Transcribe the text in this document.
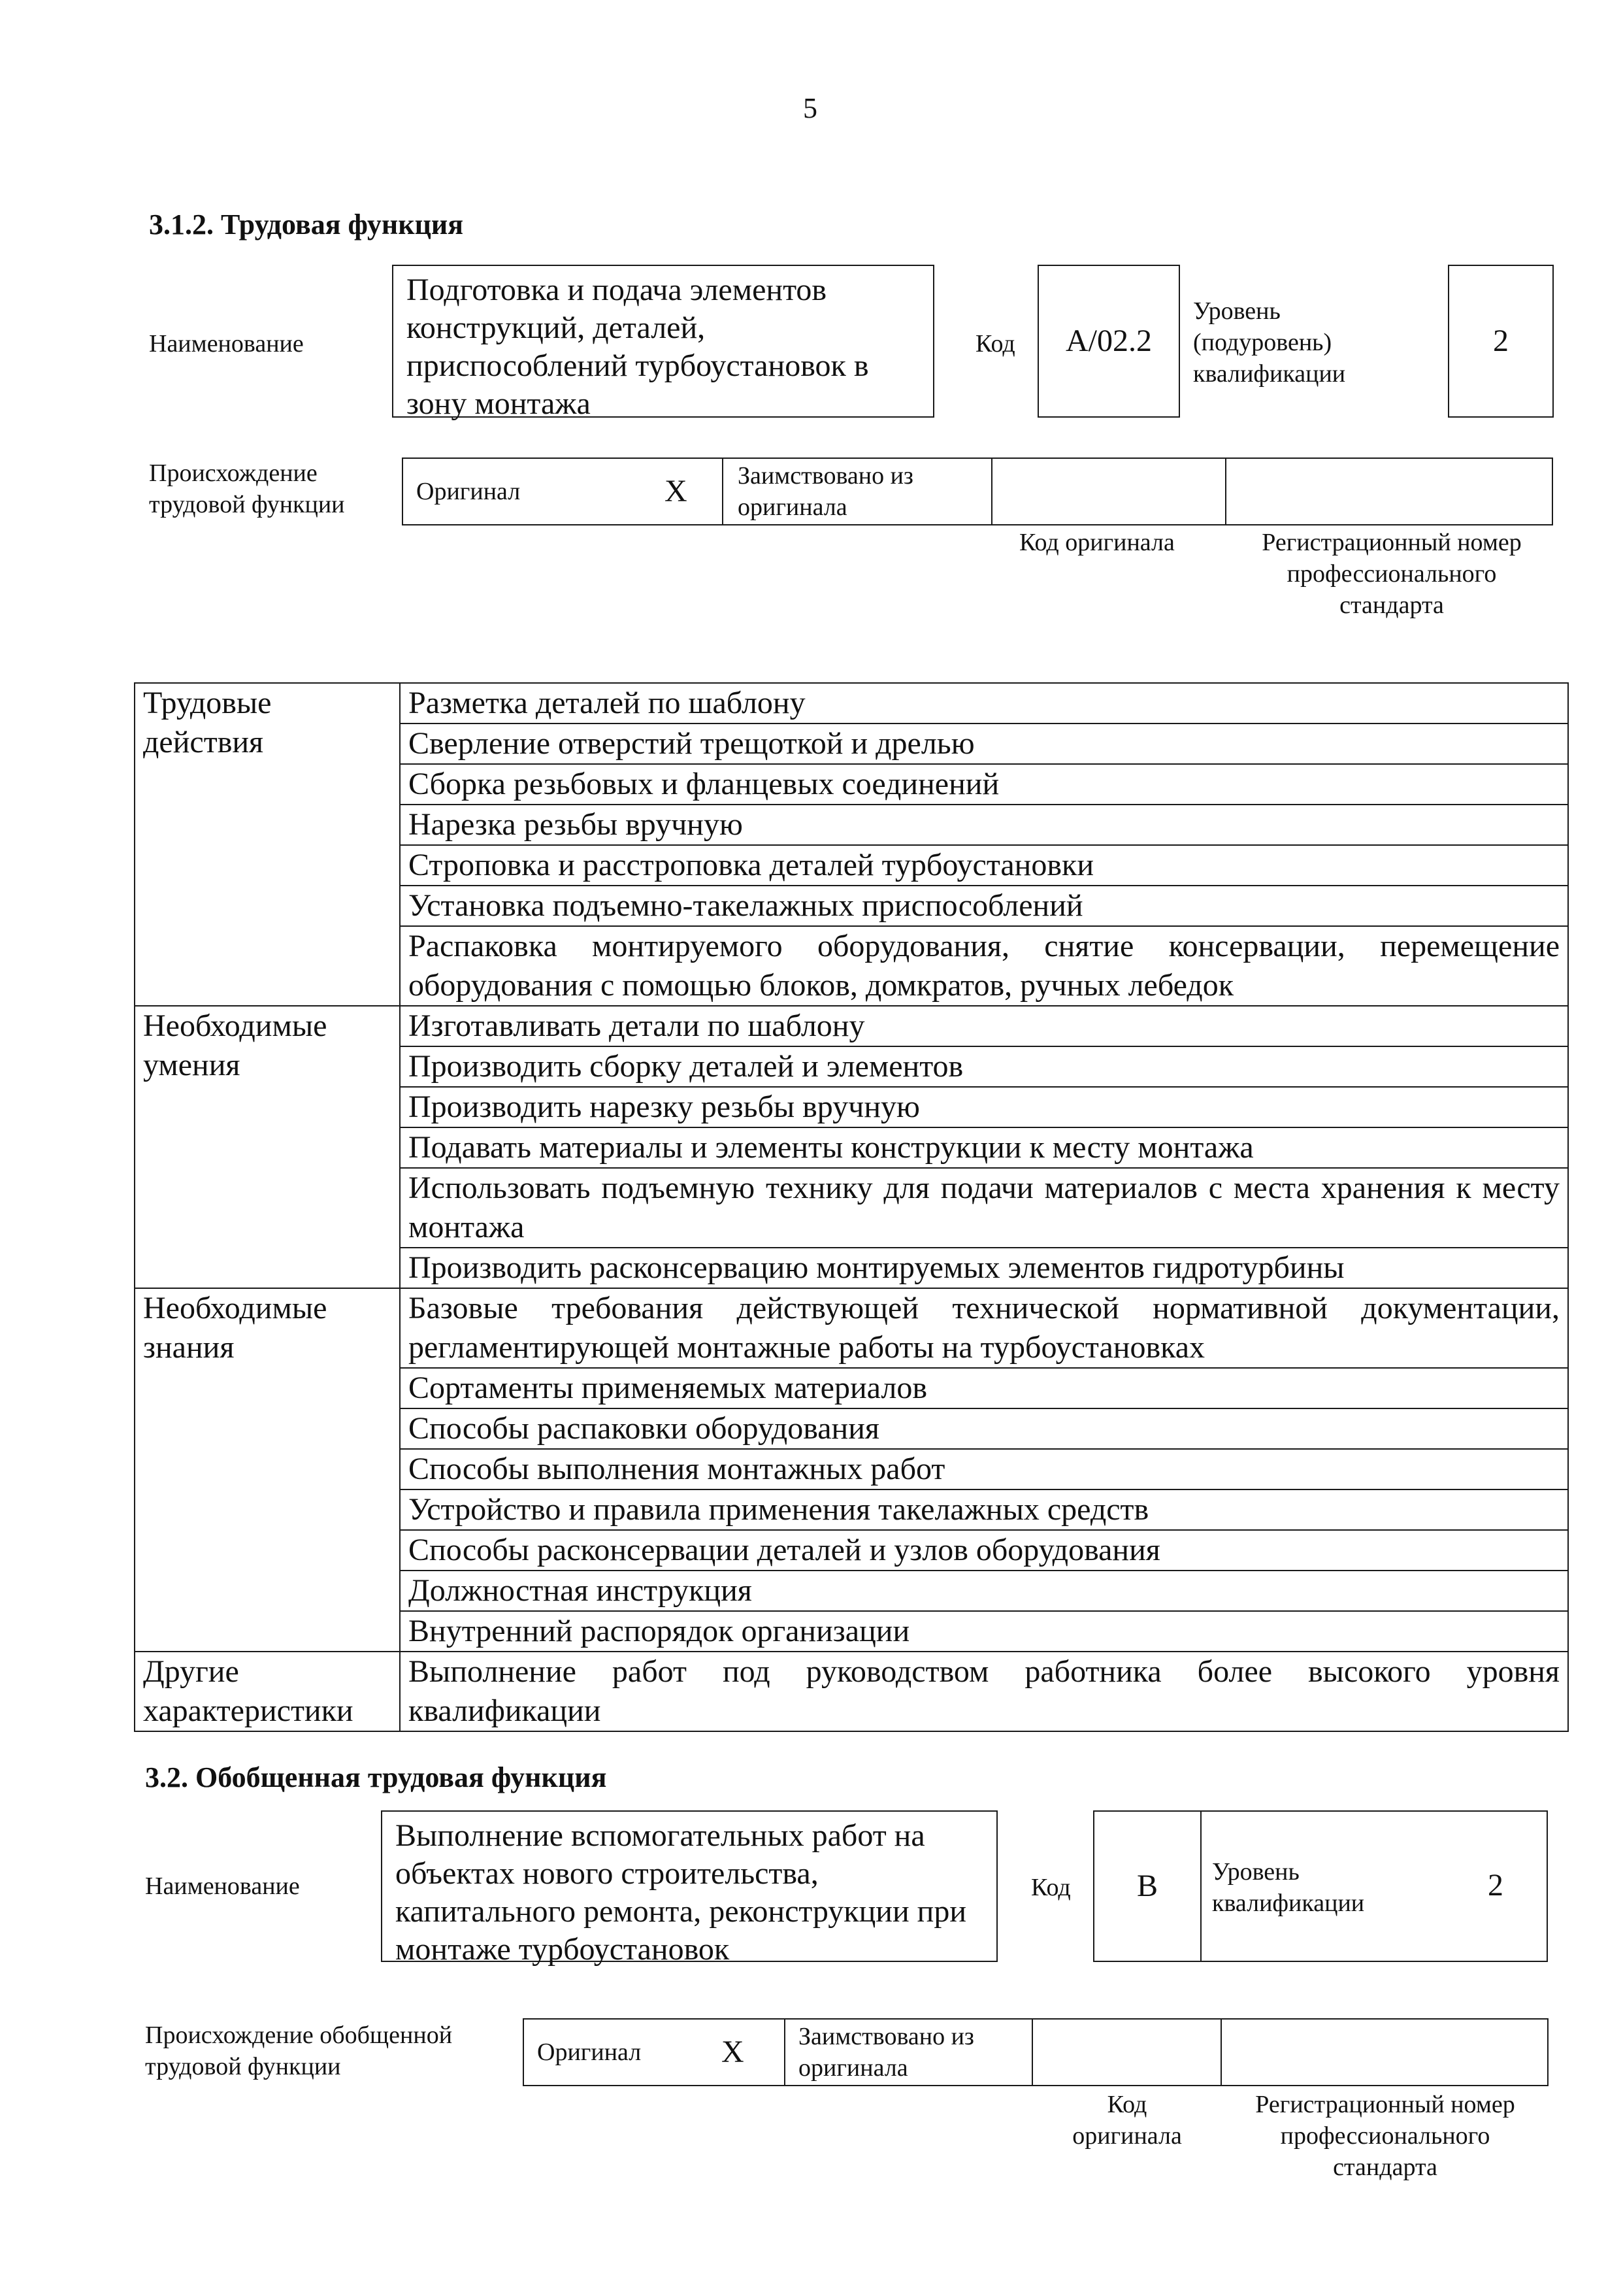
5
3.1.2. Трудовая функция
Наименование
Подготовка и подача элементов конструкций, деталей, приспособлений турбоустановок в зону монтажа
Код A/02.2
Уровень (подуровень) квалификации
2
Происхождение трудовой функции	Оригинал	X Заимствовано из оригинала
Код оригинала	Регистрационный номер профессионального стандарта
Трудовые действия	Разметка деталей по шаблону
	Сверление отверстий трещоткой и дрелью
	Сборка резьбовых и фланцевых соединений
	Нарезка резьбы вручную
	Строповка и расстроповка деталей турбоустановки
	Установка подъемно-такелажных приспособлений
	Распаковка монтируемого оборудования, снятие консервации, перемещение оборудования с помощью блоков, домкратов, ручных лебедок
Необходимые умения	Изготавливать детали по шаблону
	Производить сборку деталей и элементов
	Производить нарезку резьбы вручную
	Подавать материалы и элементы конструкции к месту монтажа
	Использовать подъемную технику для подачи материалов с места хранения к месту монтажа
	Производить расконсервацию монтируемых элементов гидротурбины
Необходимые знания	Базовые требования действующей технической нормативной документации, регламентирующей монтажные работы на турбоустановках
	Сортаменты применяемых материалов
	Способы распаковки оборудования
	Способы выполнения монтажных работ
	Устройство и правила применения такелажных средств
	Способы расконсервации деталей и узлов оборудования
	Должностная инструкция
	Внутренний распорядок организации
Другие характеристики	Выполнение работ под руководством работника более высокого уровня квалификации
3.2. Обобщенная трудовая функция
Наименование
Выполнение вспомогательных работ на объектах нового строительства, капитального ремонта, реконструкции при монтаже турбоустановок
Код B Уровень квалификации
2
Происхождение обобщенной трудовой функции
Оригинал	X Заимствовано из оригинала
Код оригинала
Регистрационный номер профессионального стандарта
